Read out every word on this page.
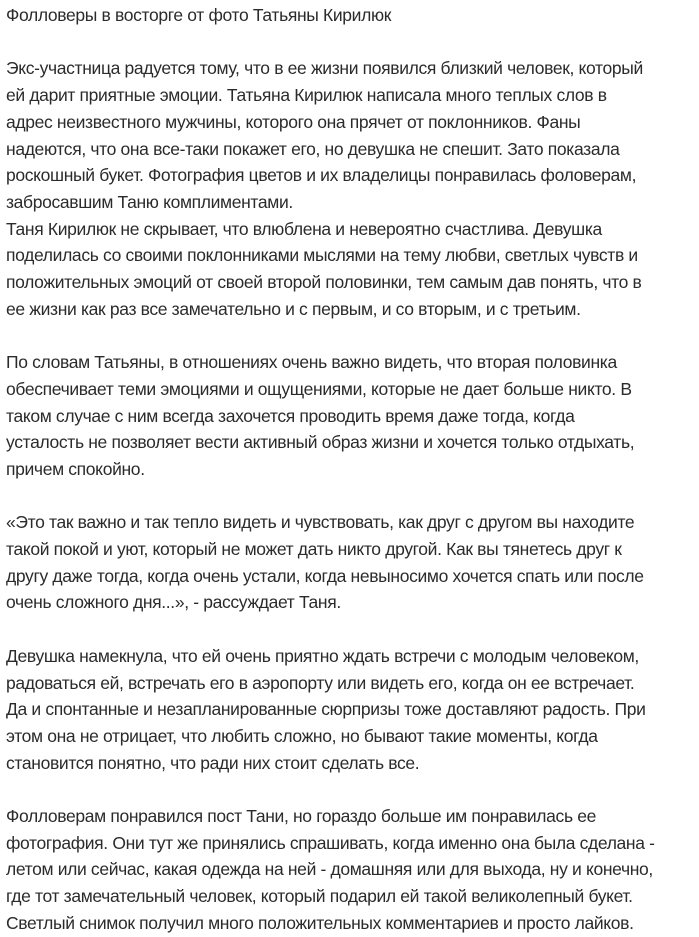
Фолловеры в восторге от фото Татьяны Кирилюк
Экс-участница радуется тому, что в ее жизни появился близкий человек, который
ей дарит приятные эмоции. Татьяна Кирилюк написала много теплых слов в
адрес неизвестного мужчины, которого она прячет от поклонников. Фаны
надеются, что она все-таки покажет его, но девушка не спешит. Зато показала
роскошный букет. Фотография цветов и их владелицы понравилась фоловерам,
забросавшим Таню комплиментами.
Таня Кирилюк не скрывает, что влюблена и невероятно счастлива. Девушка
поделилась со своими поклонниками мыслями на тему любви, светлых чувств и
положительных эмоций от своей второй половинки, тем самым дав понять, что в
ее жизни как раз все замечательно и с первым, и со вторым, и с третьим.
По словам Татьяны, в отношениях очень важно видеть, что вторая половинка
обеспечивает теми эмоциями и ощущениями, которые не дает больше никто. В
таком случае с ним всегда захочется проводить время даже тогда, когда
усталость не позволяет вести активный образ жизни и хочется только отдыхать,
причем спокойно.
«Это так важно и так тепло видеть и чувствовать, как друг с другом вы находите
такой покой и уют, который не может дать никто другой. Как вы тянетесь друг к
другу даже тогда, когда очень устали, когда невыносимо хочется спать или после
очень сложного дня...», - рассуждает Таня.
Девушка намекнула, что ей очень приятно ждать встречи с молодым человеком,
радоваться ей, встречать его в аэропорту или видеть его, когда он ее встречает.
Да и спонтанные и незапланированные сюрпризы тоже доставляют радость. При
этом она не отрицает, что любить сложно, но бывают такие моменты, когда
становится понятно, что ради них стоит сделать все.
Фолловерам понравился пост Тани, но гораздо больше им понравилась ее
фотография. Они тут же принялись спрашивать, когда именно она была сделана -
летом или сейчас, какая одежда на ней - домашняя или для выхода, ну и конечно,
где тот замечательный человек, который подарил ей такой великолепный букет.
Светлый снимок получил много положительных комментариев и просто лайков.
